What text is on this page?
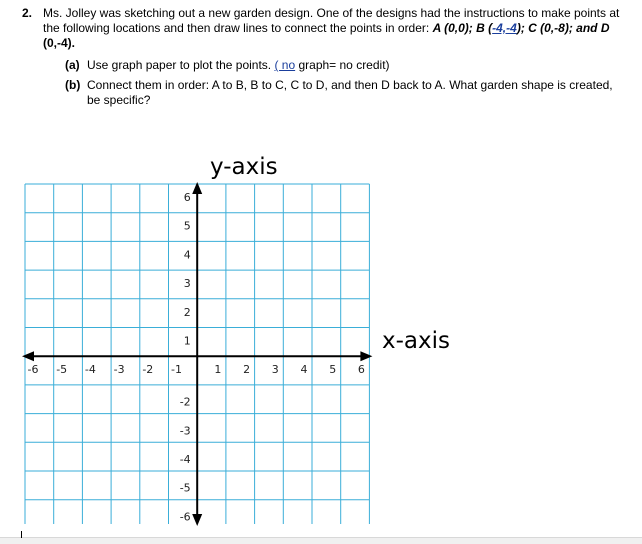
2. Ms. Jolley was sketching out a new garden design. One of the designs had the instructions to make points at
the following locations and then draw lines to connect the points in order: A (0,0); B (-4,-4); C (0,-8); and D
(0,-4).
(a) Use graph paper to plot the points. ( no graph= no credit)
(b) Connect them in order: A to B, B to C, C to D, and then D back to A. What garden shape is created,
be specific?
y-axis
x-axis
-6 -5 -4 -3 -2 -1	1 2 3 4 5 6
6
5
4
3
2
1
-2
-3
-4
-5
-6
